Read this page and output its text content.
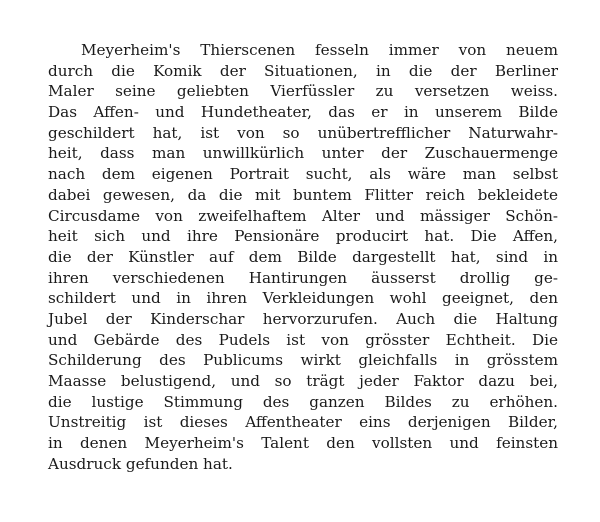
Meyerheim's Thierscenen fesseln immer von neuem
durch die Komik der Situationen, in die der Berliner
Maler seine geliebten Vierfüssler zu versetzen weiss.
Das Affen- und Hundetheater, das er in unserem Bilde
geschildert hat, ist von so unübertrefflicher Naturwahr-
heit, dass man unwillkürlich unter der Zuschauermenge
nach dem eigenen Portrait sucht, als wäre man selbst
dabei gewesen, da die mit buntem Flitter reich bekleidete
Circusdame von zweifelhaftem Alter und mässiger Schön-
heit sich und ihre Pensionäre producirt hat. Die Affen,
die der Künstler auf dem Bilde dargestellt hat, sind in
ihren verschiedenen Hantirungen äusserst drollig ge-
schildert und in ihren Verkleidungen wohl geeignet, den
Jubel der Kinderschar hervorzurufen. Auch die Haltung
und Gebärde des Pudels ist von grösster Echtheit. Die
Schilderung des Publicums wirkt gleichfalls in grösstem
Maasse belustigend, und so trägt jeder Faktor dazu bei,
die lustige Stimmung des ganzen Bildes zu erhöhen.
Unstreitig ist dieses Affentheater eins derjenigen Bilder,
in denen Meyerheim's Talent den vollsten und feinsten
Ausdruck gefunden hat.
